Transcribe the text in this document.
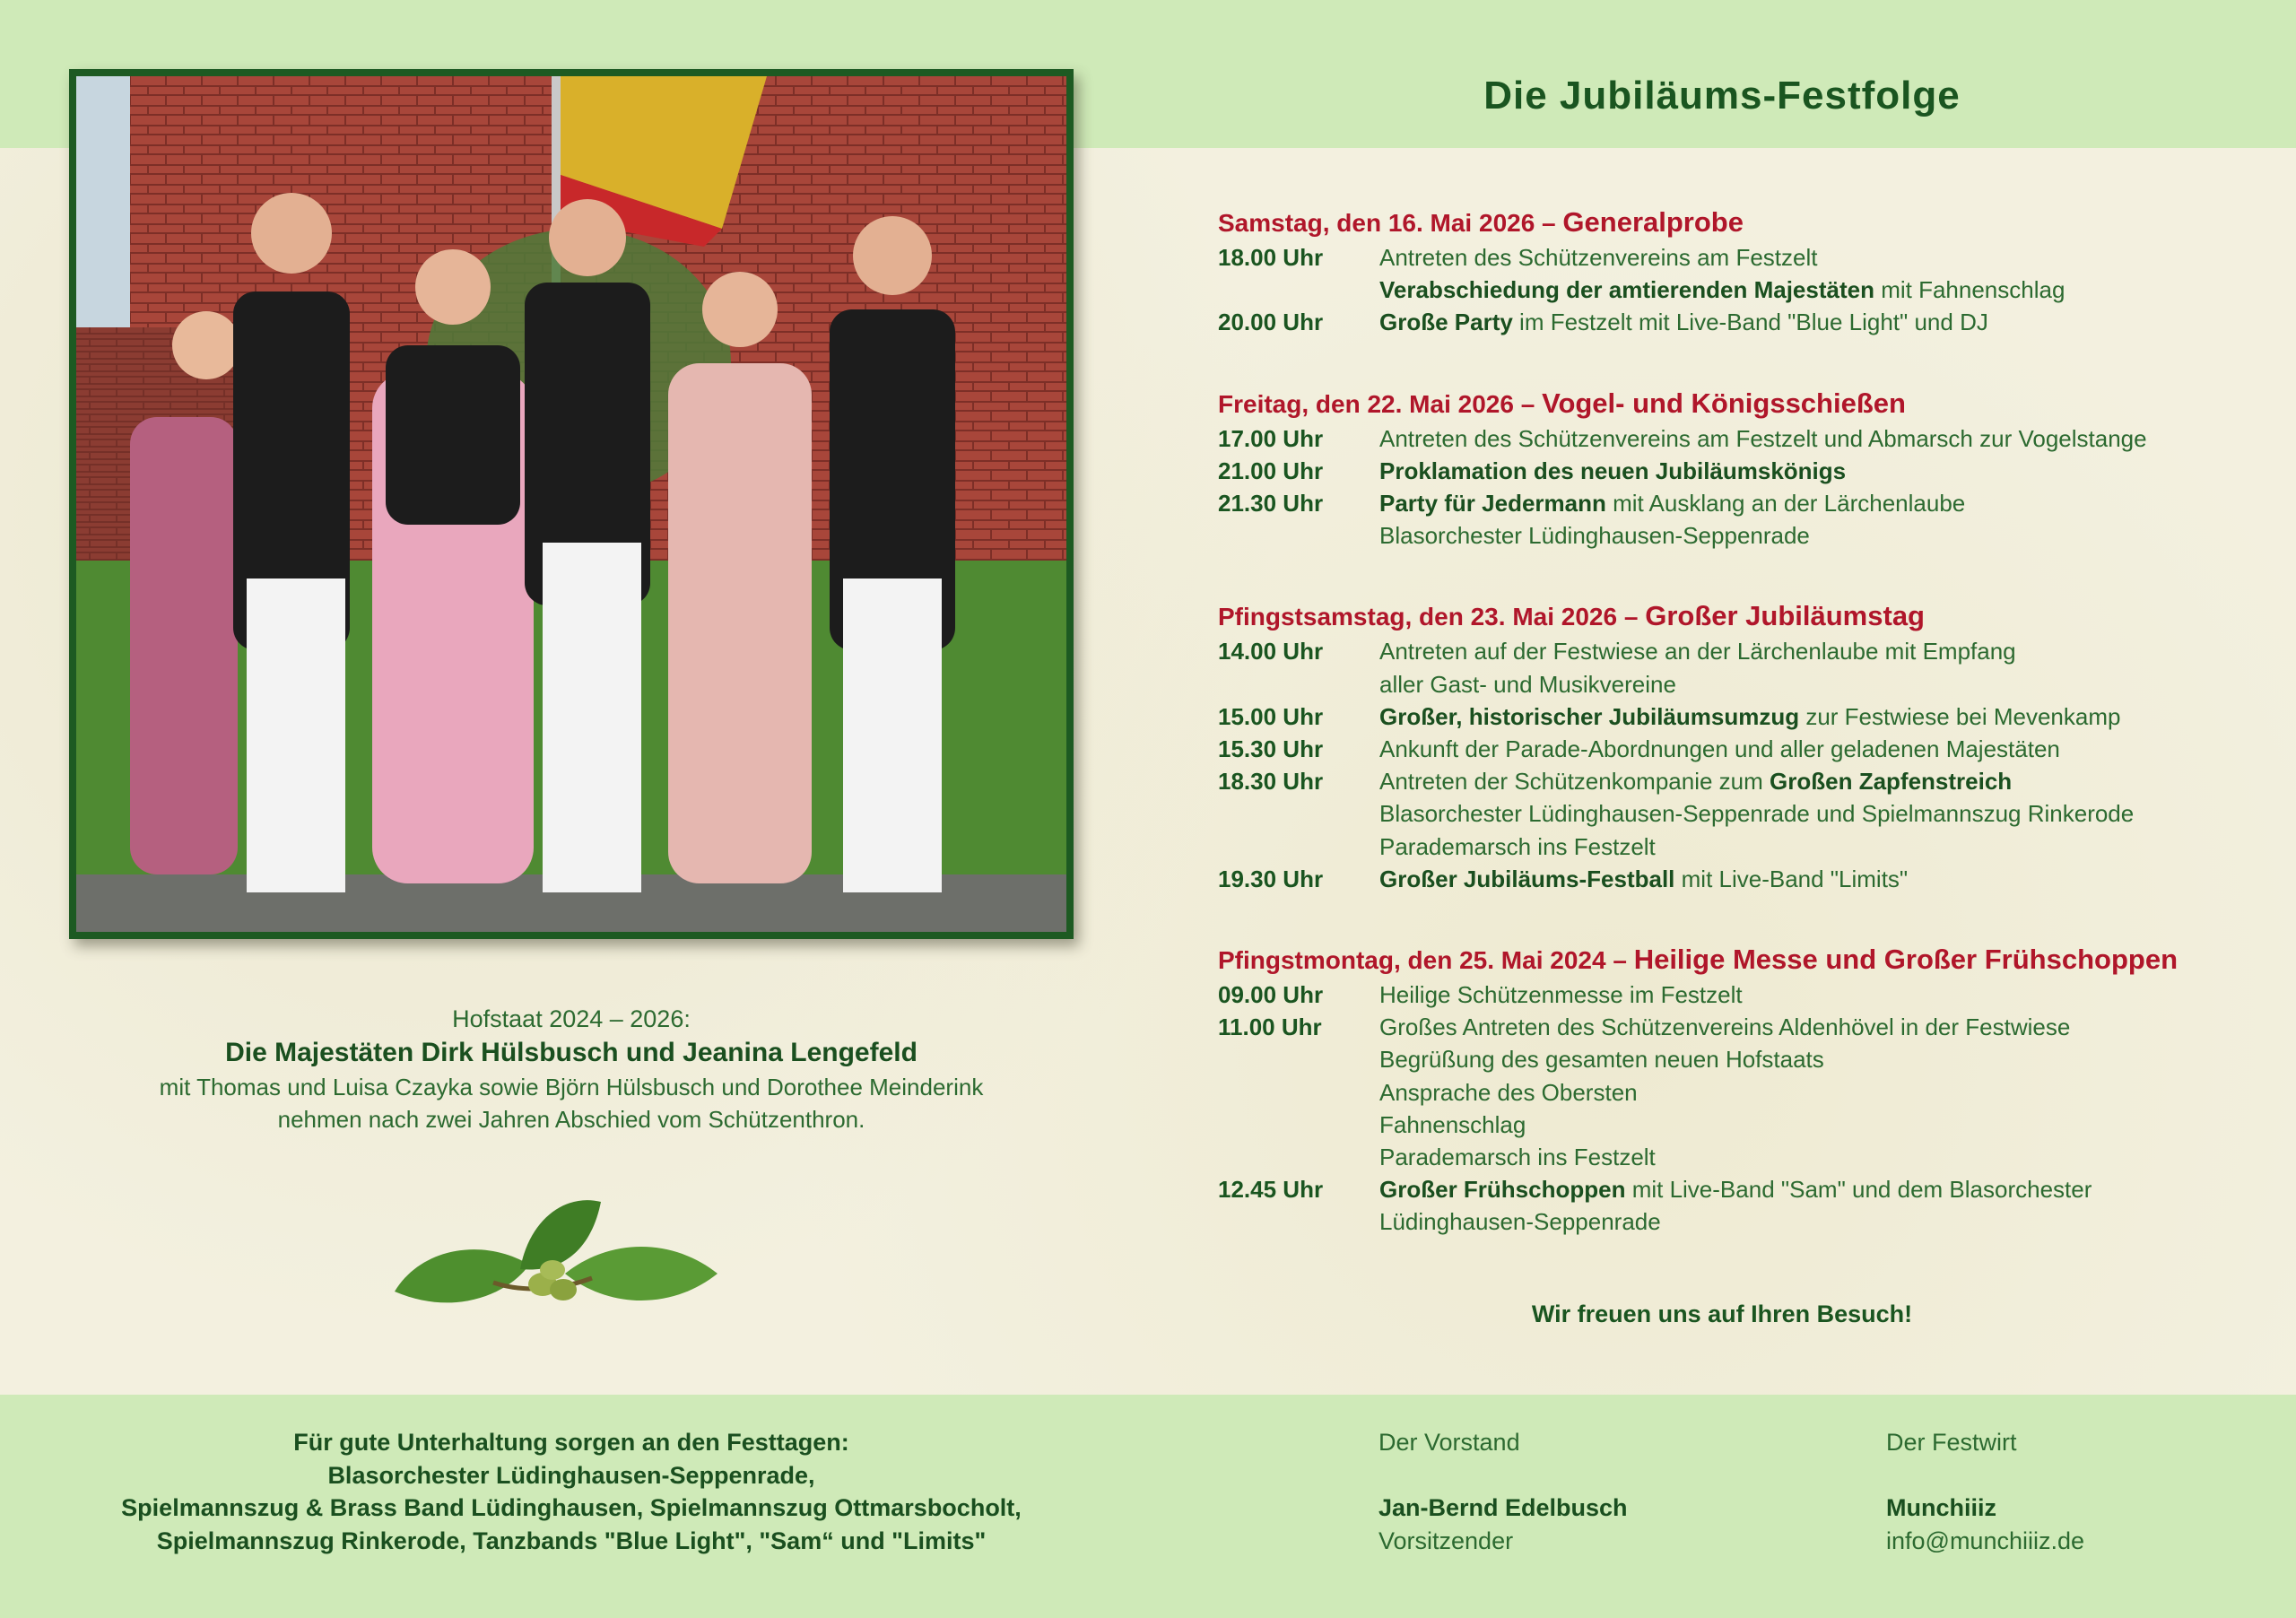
Hofstaat 2024 – 2026:
Die Majestäten Dirk Hülsbusch und Jeanina Lengefeld
mit Thomas und Luisa Czayka sowie Björn Hülsbusch und Dorothee Meinderink
nehmen nach zwei Jahren Abschied vom Schützenthron.
Die Jubiläums-Festfolge
Samstag, den 16. Mai 2026 – Generalprobe
18.00 Uhr	Antreten des Schützenvereins am Festzelt
Verabschiedung der amtierenden Majestäten mit Fahnenschlag
20.00 Uhr	Große Party im Festzelt mit Live-Band "Blue Light" und DJ
Freitag, den 22. Mai 2026 – Vogel- und Königsschießen
17.00 Uhr	Antreten des Schützenvereins am Festzelt und Abmarsch zur Vogelstange
21.00 Uhr	Proklamation des neuen Jubiläumskönigs
21.30 Uhr	Party für Jedermann mit Ausklang an der Lärchenlaube
Blasorchester Lüdinghausen-Seppenrade
Pfingstsamstag, den 23. Mai 2026 – Großer Jubiläumstag
14.00 Uhr	Antreten auf der Festwiese an der Lärchenlaube mit Empfang
aller Gast- und Musikvereine
15.00 Uhr	Großer, historischer Jubiläumsumzug zur Festwiese bei Mevenkamp
15.30 Uhr	Ankunft der Parade-Abordnungen und aller geladenen Majestäten
18.30 Uhr	Antreten der Schützenkompanie zum Großen Zapfenstreich
Blasorchester Lüdinghausen-Seppenrade und Spielmannszug Rinkerode
Parademarsch ins Festzelt
19.30 Uhr	Großer Jubiläums-Festball mit Live-Band "Limits"
Pfingstmontag, den 25. Mai 2024 – Heilige Messe und Großer Frühschoppen
09.00 Uhr	Heilige Schützenmesse im Festzelt
11.00 Uhr	Großes Antreten des Schützenvereins Aldenhövel in der Festwiese
Begrüßung des gesamten neuen Hofstaats
Ansprache des Obersten
Fahnenschlag
Parademarsch ins Festzelt
12.45 Uhr	Großer Frühschoppen mit Live-Band "Sam" und dem Blasorchester
Lüdinghausen-Seppenrade
Wir freuen uns auf Ihren Besuch!
Für gute Unterhaltung sorgen an den Festtagen:
Blasorchester Lüdinghausen-Seppenrade,
Spielmannszug & Brass Band Lüdinghausen, Spielmannszug Ottmarsbocholt,
Spielmannszug Rinkerode, Tanzbands "Blue Light", "Sam“ und "Limits"
Der Vorstand
Jan-Bernd Edelbusch
Vorsitzender
Der Festwirt
Munchiiiz
info@munchiiiz.de
